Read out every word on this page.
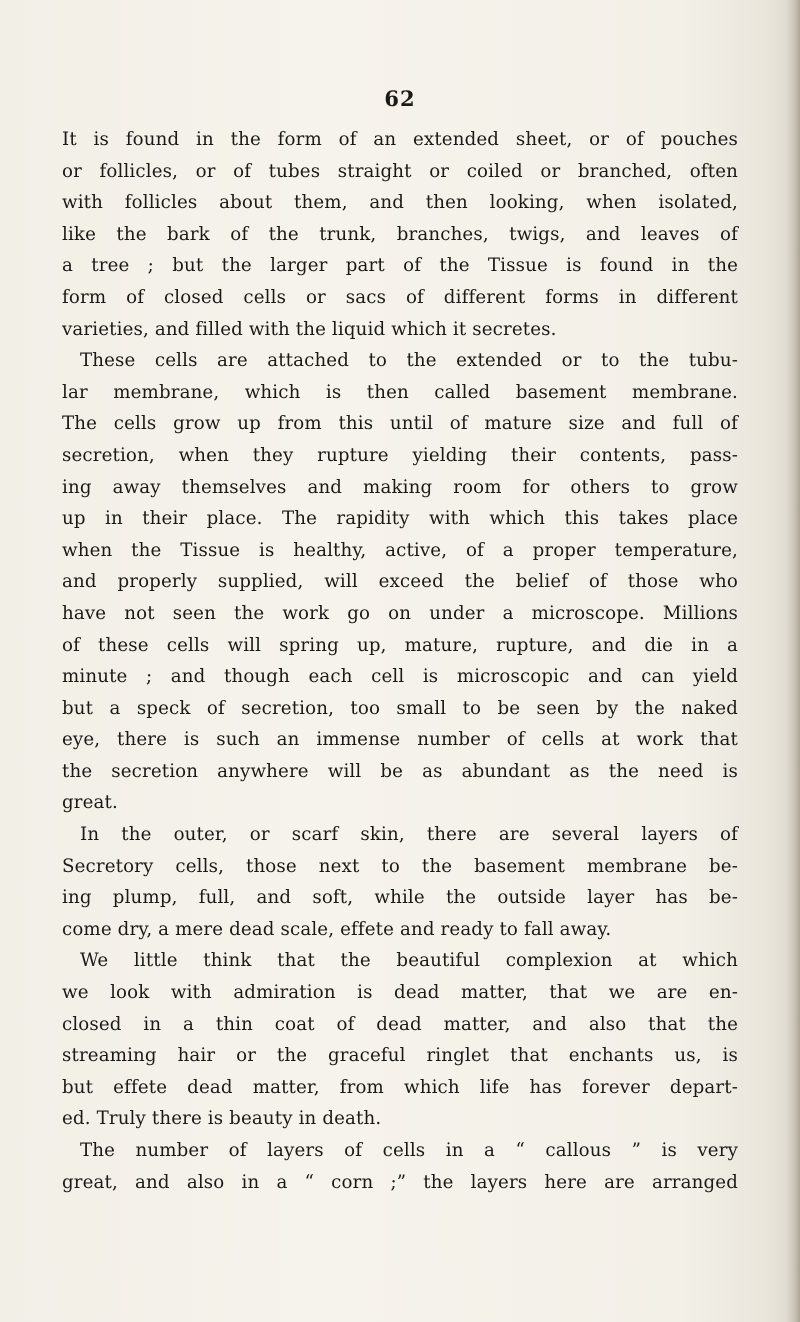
62
It is found in the form of an extended sheet, or of pouches
or follicles, or of tubes straight or coiled or branched, often
with follicles about them, and then looking, when isolated,
like the bark of the trunk, branches, twigs, and leaves of
a tree ; but the larger part of the Tissue is found in the
form of closed cells or sacs of different forms in different
varieties, and filled with the liquid which it secretes.
These cells are attached to the extended or to the tubu-
lar membrane, which is then called basement membrane.
The cells grow up from this until of mature size and full of
secretion, when they rupture yielding their contents, pass-
ing away themselves and making room for others to grow
up in their place. The rapidity with which this takes place
when the Tissue is healthy, active, of a proper temperature,
and properly supplied, will exceed the belief of those who
have not seen the work go on under a microscope. Millions
of these cells will spring up, mature, rupture, and die in a
minute ; and though each cell is microscopic and can yield
but a speck of secretion, too small to be seen by the naked
eye, there is such an immense number of cells at work that
the secretion anywhere will be as abundant as the need is
great.
In the outer, or scarf skin, there are several layers of
Secretory cells, those next to the basement membrane be-
ing plump, full, and soft, while the outside layer has be-
come dry, a mere dead scale, effete and ready to fall away.
We little think that the beautiful complexion at which
we look with admiration is dead matter, that we are en-
closed in a thin coat of dead matter, and also that the
streaming hair or the graceful ringlet that enchants us, is
but effete dead matter, from which life has forever depart-
ed. Truly there is beauty in death.
The number of layers of cells in a “ callous ” is very
great, and also in a “ corn ;” the layers here are arranged
